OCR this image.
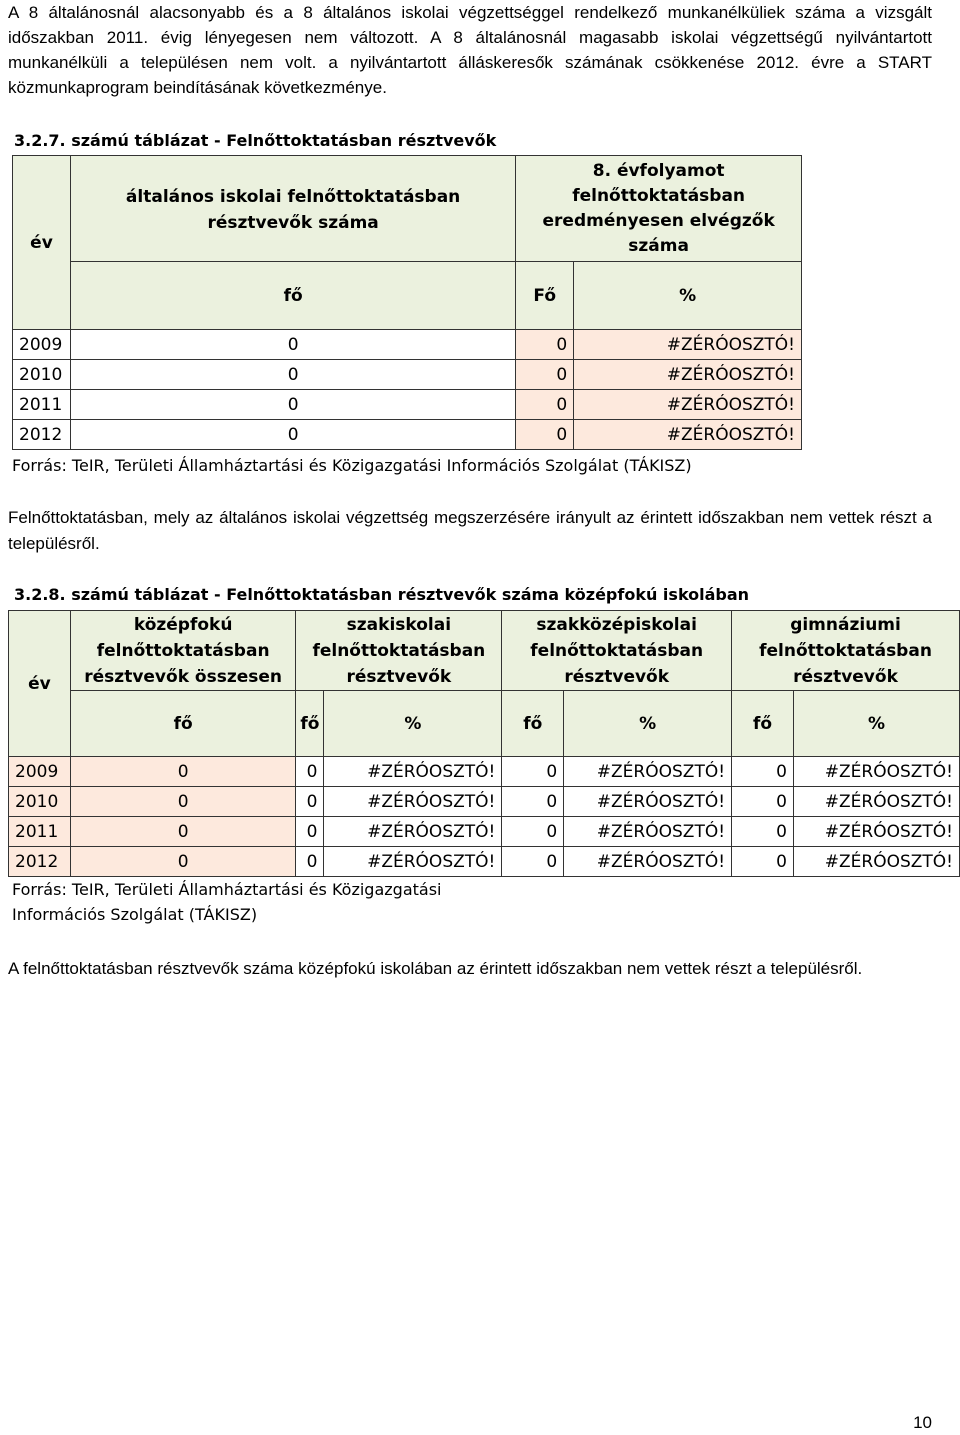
A 8 általánosnál alacsonyabb és a 8 általános iskolai végzettséggel rendelkező munkanélküliek száma a vizsgált időszakban 2011. évig lényegesen nem változott. A 8 általánosnál magasabb iskolai végzettségű nyilvántartott munkanélküli a településen nem volt. a nyilvántartott álláskeresők számának csökkenése 2012. évre a START közmunkaprogram beindításának következménye.

3.2.7. számú táblázat - Felnőttoktatásban résztvevők
év	általános iskolai felnőttoktatásban résztvevők száma	8. évfolyamot felnőttoktatásban eredményesen elvégzők száma	
	fő	Fő	%
2009	0	0	#ZÉRÓOSZTÓ!
2010	0	0	#ZÉRÓOSZTÓ!
2011	0	0	#ZÉRÓOSZTÓ!
2012	0	0	#ZÉRÓOSZTÓ!
Forrás: TeIR, Területi Államháztartási és Közigazgatási Információs Szolgálat (TÁKISZ)

Felnőttoktatásban, mely az általános iskolai végzettség megszerzésére irányult az érintett időszakban nem vettek részt a településről.

3.2.8. számú táblázat - Felnőttoktatásban résztvevők száma középfokú iskolában
év	középfokú felnőttoktatásban résztvevők összesen	szakiskolai felnőttoktatásban résztvevők		szakközépiskolai felnőttoktatásban résztvevők		gimnáziumi felnőttoktatásban résztvevők	
	fő	fő	%	fő	%	fő	%
2009	0	0	#ZÉRÓOSZTÓ!	0	#ZÉRÓOSZTÓ!	0	#ZÉRÓOSZTÓ!
2010	0	0	#ZÉRÓOSZTÓ!	0	#ZÉRÓOSZTÓ!	0	#ZÉRÓOSZTÓ!
2011	0	0	#ZÉRÓOSZTÓ!	0	#ZÉRÓOSZTÓ!	0	#ZÉRÓOSZTÓ!
2012	0	0	#ZÉRÓOSZTÓ!	0	#ZÉRÓOSZTÓ!	0	#ZÉRÓOSZTÓ!
Forrás: TeIR, Területi Államháztartási és Közigazgatási
Információs Szolgálat (TÁKISZ)

A felnőttoktatásban résztvevők száma középfokú iskolában az érintett időszakban nem vettek részt a településről.

10
